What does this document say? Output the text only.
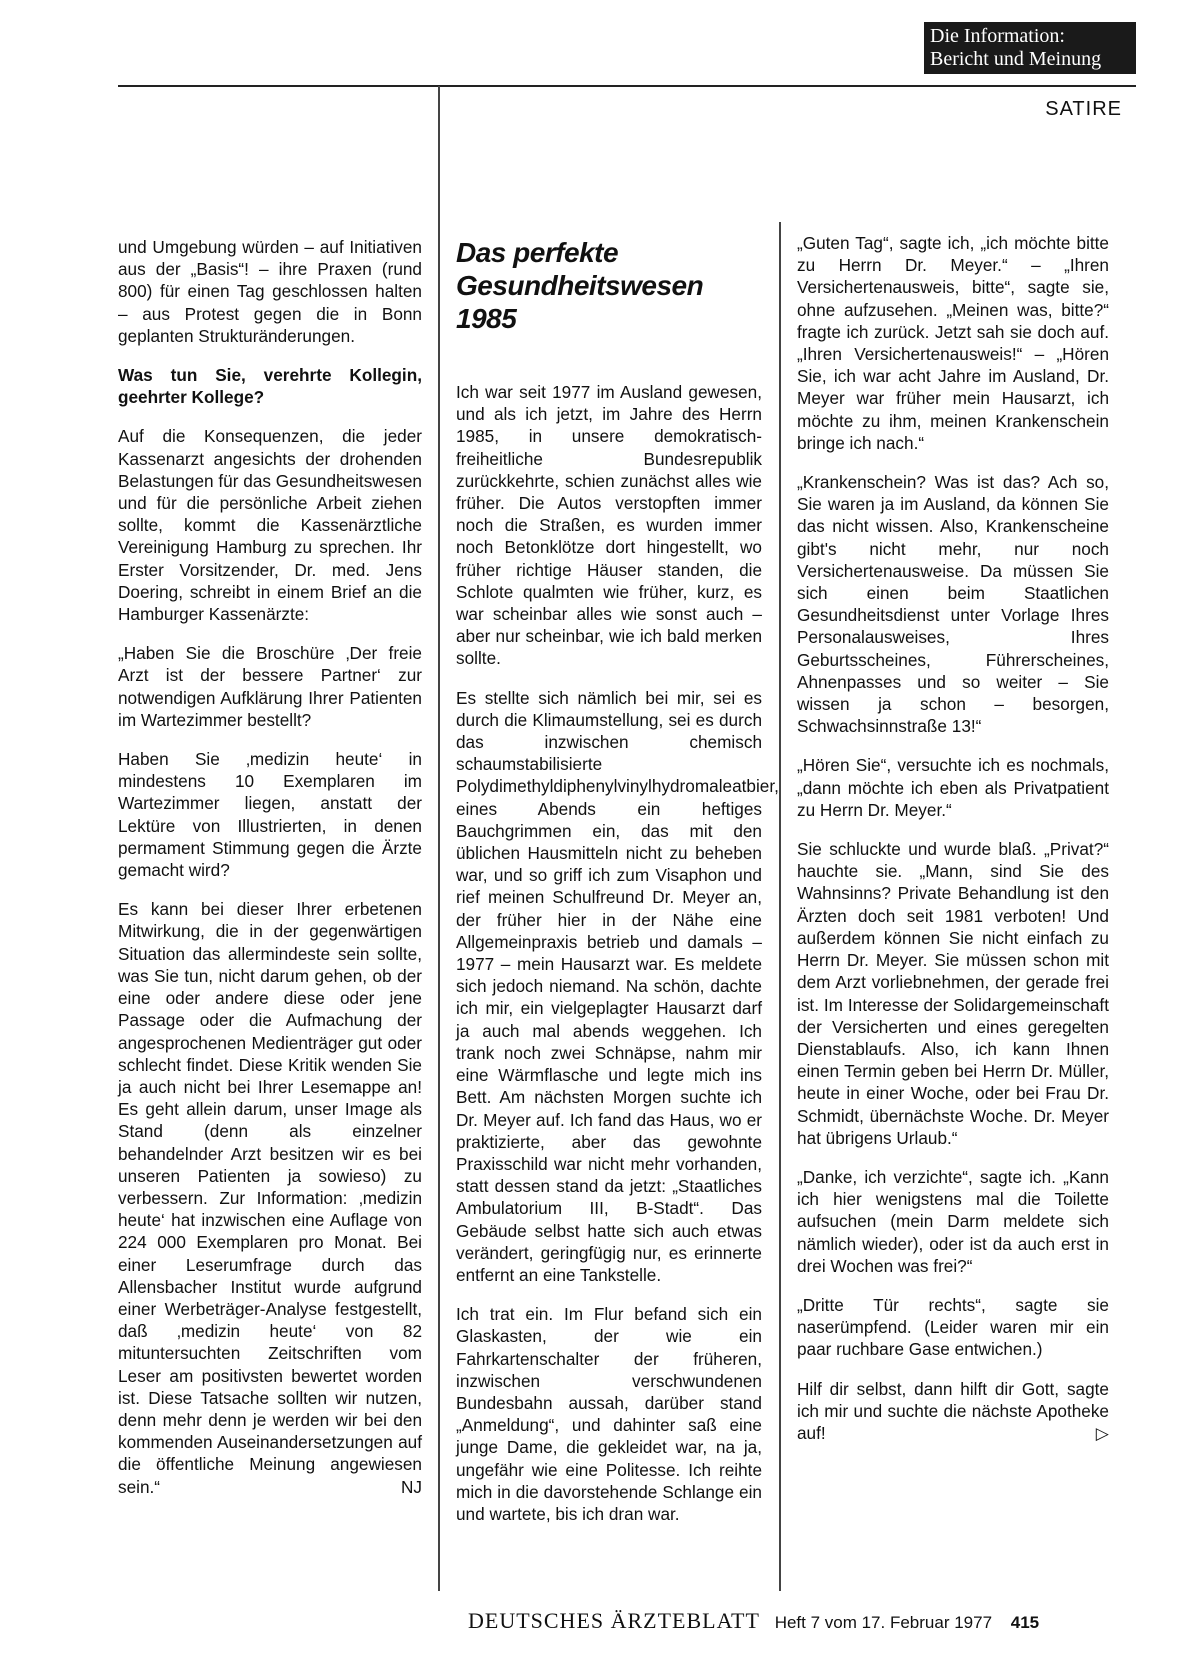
Die Information:
Bericht und Meinung
SATIRE

und Umgebung würden – auf Initiativen aus der „Basis“! – ihre Praxen (rund 800) für einen Tag geschlossen halten – aus Protest gegen die in Bonn geplanten Strukturänderungen.

Was tun Sie, verehrte Kollegin, geehrter Kollege?

Auf die Konsequenzen, die jeder Kassenarzt angesichts der drohenden Belastungen für das Gesundheitswesen und für die persönliche Arbeit ziehen sollte, kommt die Kassenärztliche Vereinigung Hamburg zu sprechen. Ihr Erster Vorsitzender, Dr. med. Jens Doering, schreibt in einem Brief an die Hamburger Kassenärzte:

„Haben Sie die Broschüre ‚Der freie Arzt ist der bessere Partner‘ zur notwendigen Aufklärung Ihrer Patienten im Wartezimmer bestellt?

Haben Sie ‚medizin heute‘ in mindestens 10 Exemplaren im Wartezimmer liegen, anstatt der Lektüre von Illustrierten, in denen permament Stimmung gegen die Ärzte gemacht wird?

Es kann bei dieser Ihrer erbetenen Mitwirkung, die in der gegenwärtigen Situation das allermindeste sein sollte, was Sie tun, nicht darum gehen, ob der eine oder andere diese oder jene Passage oder die Aufmachung der angesprochenen Medienträger gut oder schlecht findet. Diese Kritik wenden Sie ja auch nicht bei Ihrer Lesemappe an! Es geht allein darum, unser Image als Stand (denn als einzelner behandelnder Arzt besitzen wir es bei unseren Patienten ja sowieso) zu verbessern. Zur Information: ‚medizin heute‘ hat inzwischen eine Auflage von 224 000 Exemplaren pro Monat. Bei einer Leserumfrage durch das Allensbacher Institut wurde aufgrund einer Werbeträger-Analyse festgestellt, daß ‚medizin heute‘ von 82 mituntersuchten Zeitschriften vom Leser am positivsten bewertet worden ist. Diese Tatsache sollten wir nutzen, denn mehr denn je werden wir bei den kommenden Auseinandersetzungen auf die öffentliche Meinung angewiesen sein.“	NJ

Das perfekte Gesundheitswesen 1985

Ich war seit 1977 im Ausland gewesen, und als ich jetzt, im Jahre des Herrn 1985, in unsere demokratisch-freiheitliche Bundesrepublik zurückkehrte, schien zunächst alles wie früher. Die Autos verstopften immer noch die Straßen, es wurden immer noch Betonklötze dort hingestellt, wo früher richtige Häuser standen, die Schlote qualmten wie früher, kurz, es war scheinbar alles wie sonst auch – aber nur scheinbar, wie ich bald merken sollte.

Es stellte sich nämlich bei mir, sei es durch die Klimaumstellung, sei es durch das inzwischen chemisch schaumstabilisierte Polydimethyldiphenylvinylhydromaleatbier, eines Abends ein heftiges Bauchgrimmen ein, das mit den üblichen Hausmitteln nicht zu beheben war, und so griff ich zum Visaphon und rief meinen Schulfreund Dr. Meyer an, der früher hier in der Nähe eine Allgemeinpraxis betrieb und damals – 1977 – mein Hausarzt war. Es meldete sich jedoch niemand. Na schön, dachte ich mir, ein vielgeplagter Hausarzt darf ja auch mal abends weggehen. Ich trank noch zwei Schnäpse, nahm mir eine Wärmflasche und legte mich ins Bett. Am nächsten Morgen suchte ich Dr. Meyer auf. Ich fand das Haus, wo er praktizierte, aber das gewohnte Praxisschild war nicht mehr vorhanden, statt dessen stand da jetzt: „Staatliches Ambulatorium III, B-Stadt“. Das Gebäude selbst hatte sich auch etwas verändert, geringfügig nur, es erinnerte entfernt an eine Tankstelle.

Ich trat ein. Im Flur befand sich ein Glaskasten, der wie ein Fahrkartenschalter der früheren, inzwischen verschwundenen Bundesbahn aussah, darüber stand „Anmeldung“, und dahinter saß eine junge Dame, die gekleidet war, na ja, ungefähr wie eine Politesse. Ich reihte mich in die davorstehende Schlange ein und wartete, bis ich dran war.

„Guten Tag“, sagte ich, „ich möchte bitte zu Herrn Dr. Meyer.“ – „Ihren Versichertenausweis, bitte“, sagte sie, ohne aufzusehen. „Meinen was, bitte?“ fragte ich zurück. Jetzt sah sie doch auf. „Ihren Versichertenausweis!“ – „Hören Sie, ich war acht Jahre im Ausland, Dr. Meyer war früher mein Hausarzt, ich möchte zu ihm, meinen Krankenschein bringe ich nach.“

„Krankenschein? Was ist das? Ach so, Sie waren ja im Ausland, da können Sie das nicht wissen. Also, Krankenscheine gibt's nicht mehr, nur noch Versichertenausweise. Da müssen Sie sich einen beim Staatlichen Gesundheitsdienst unter Vorlage Ihres Personalausweises, Ihres Geburtsscheines, Führerscheines, Ahnenpasses und so weiter – Sie wissen ja schon – besorgen, Schwachsinnstraße 13!“

„Hören Sie“, versuchte ich es nochmals, „dann möchte ich eben als Privatpatient zu Herrn Dr. Meyer.“

Sie schluckte und wurde blaß. „Privat?“ hauchte sie. „Mann, sind Sie des Wahnsinns? Private Behandlung ist den Ärzten doch seit 1981 verboten! Und außerdem können Sie nicht einfach zu Herrn Dr. Meyer. Sie müssen schon mit dem Arzt vorliebnehmen, der gerade frei ist. Im Interesse der Solidargemeinschaft der Versicherten und eines geregelten Dienstablaufs. Also, ich kann Ihnen einen Termin geben bei Herrn Dr. Müller, heute in einer Woche, oder bei Frau Dr. Schmidt, übernächste Woche. Dr. Meyer hat übrigens Urlaub.“

„Danke, ich verzichte“, sagte ich. „Kann ich hier wenigstens mal die Toilette aufsuchen (mein Darm meldete sich nämlich wieder), oder ist da auch erst in drei Wochen was frei?“

„Dritte Tür rechts“, sagte sie naserümpfend. (Leider waren mir ein paar ruchbare Gase entwichen.)

Hilf dir selbst, dann hilft dir Gott, sagte ich mir und suchte die nächste Apotheke auf!	▷

DEUTSCHES ÄRZTEBLATT Heft 7 vom 17. Februar 1977 415
